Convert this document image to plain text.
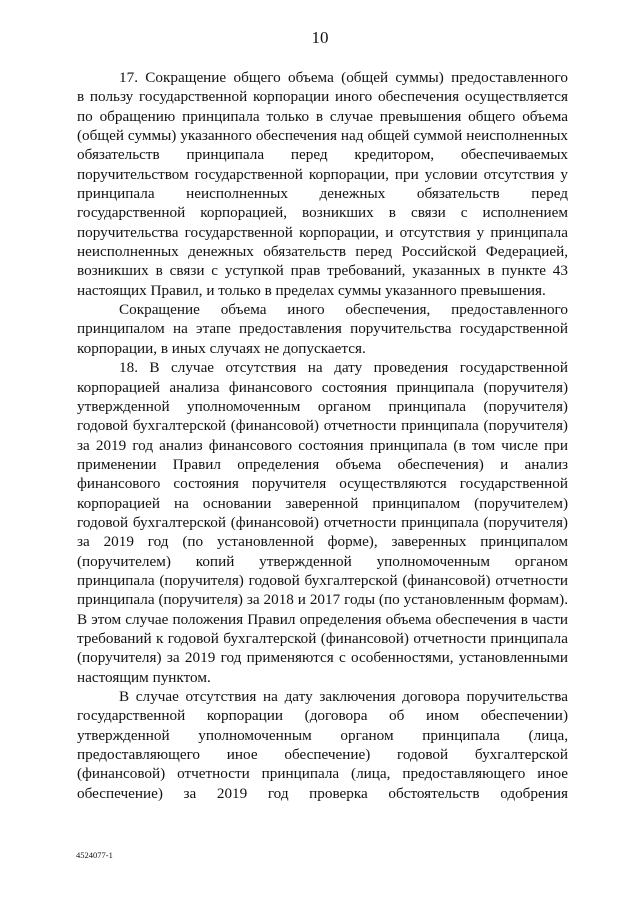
10
17. Сокращение общего объема (общей суммы) предоставленного
в пользу государственной корпорации иного обеспечения осуществляется
по обращению принципала только в случае превышения общего объема
(общей суммы) указанного обеспечения над общей суммой неисполненных
обязательств принципала перед кредитором, обеспечиваемых
поручительством государственной корпорации, при условии отсутствия у
принципала неисполненных денежных обязательств перед
государственной корпорацией, возникших в связи с исполнением
поручительства государственной корпорации, и отсутствия у принципала
неисполненных денежных обязательств перед Российской Федерацией,
возникших в связи с уступкой прав требований, указанных в пункте 43
настоящих Правил, и только в пределах суммы указанного превышения.
Сокращение объема иного обеспечения, предоставленного
принципалом на этапе предоставления поручительства государственной
корпорации, в иных случаях не допускается.
18. В случае отсутствия на дату проведения государственной
корпорацией анализа финансового состояния принципала (поручителя)
утвержденной уполномоченным органом принципала (поручителя)
годовой бухгалтерской (финансовой) отчетности принципала (поручителя)
за 2019 год анализ финансового состояния принципала (в том числе при
применении Правил определения объема обеспечения) и анализ
финансового состояния поручителя осуществляются государственной
корпорацией на основании заверенной принципалом (поручителем)
годовой бухгалтерской (финансовой) отчетности принципала (поручителя)
за 2019 год (по установленной форме), заверенных принципалом
(поручителем) копий утвержденной уполномоченным органом
принципала (поручителя) годовой бухгалтерской (финансовой) отчетности
принципала (поручителя) за 2018 и 2017 годы (по установленным формам).
В этом случае положения Правил определения объема обеспечения в части
требований к годовой бухгалтерской (финансовой) отчетности принципала
(поручителя) за 2019 год применяются с особенностями, установленными
настоящим пунктом.
В случае отсутствия на дату заключения договора поручительства
государственной корпорации (договора об ином обеспечении)
утвержденной уполномоченным органом принципала (лица,
предоставляющего иное обеспечение) годовой бухгалтерской
(финансовой) отчетности принципала (лица, предоставляющего иное
обеспечение) за 2019 год проверка обстоятельств одобрения
4524077-1
